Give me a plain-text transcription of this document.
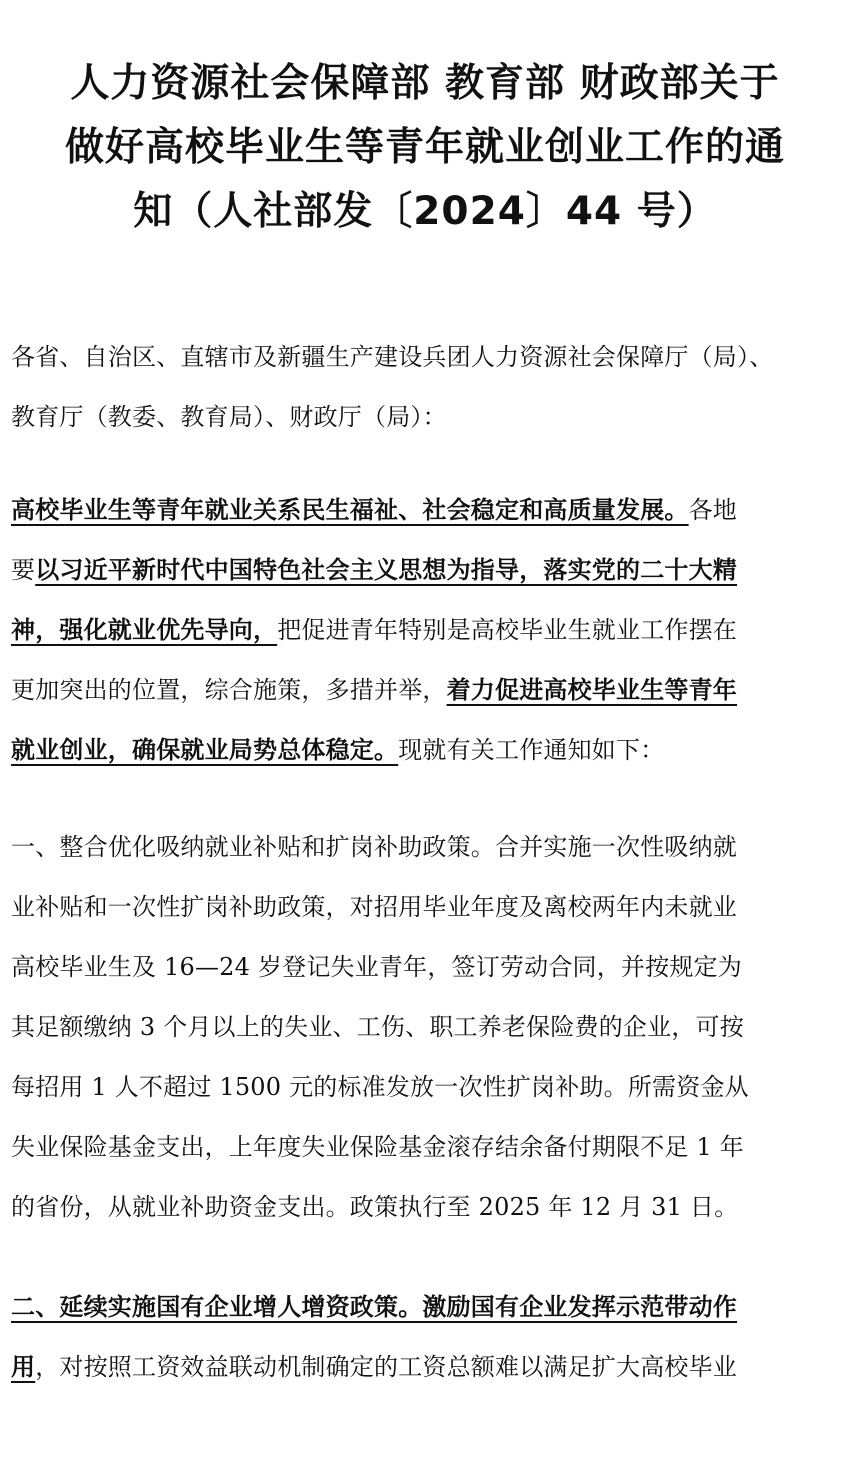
人力资源社会保障部 教育部 财政部关于
做好高校毕业生等青年就业创业工作的通
知（人社部发〔2024〕44 号）

各省、自治区、直辖市及新疆生产建设兵团人力资源社会保障厅（局）、
教育厅（教委、教育局）、财政厅（局）：

高校毕业生等青年就业关系民生福祉、社会稳定和高质量发展。各地
要以习近平新时代中国特色社会主义思想为指导，落实党的二十大精
神，强化就业优先导向，把促进青年特别是高校毕业生就业工作摆在
更加突出的位置，综合施策，多措并举，着力促进高校毕业生等青年
就业创业，确保就业局势总体稳定。现就有关工作通知如下：

一、整合优化吸纳就业补贴和扩岗补助政策。合并实施一次性吸纳就
业补贴和一次性扩岗补助政策，对招用毕业年度及离校两年内未就业
高校毕业生及 16—24 岁登记失业青年，签订劳动合同，并按规定为
其足额缴纳 3 个月以上的失业、工伤、职工养老保险费的企业，可按
每招用 1 人不超过 1500 元的标准发放一次性扩岗补助。所需资金从
失业保险基金支出，上年度失业保险基金滚存结余备付期限不足 1 年
的省份，从就业补助资金支出。政策执行至 2025 年 12 月 31 日。

二、延续实施国有企业增人增资政策。激励国有企业发挥示范带动作
用，对按照工资效益联动机制确定的工资总额难以满足扩大高校毕业
